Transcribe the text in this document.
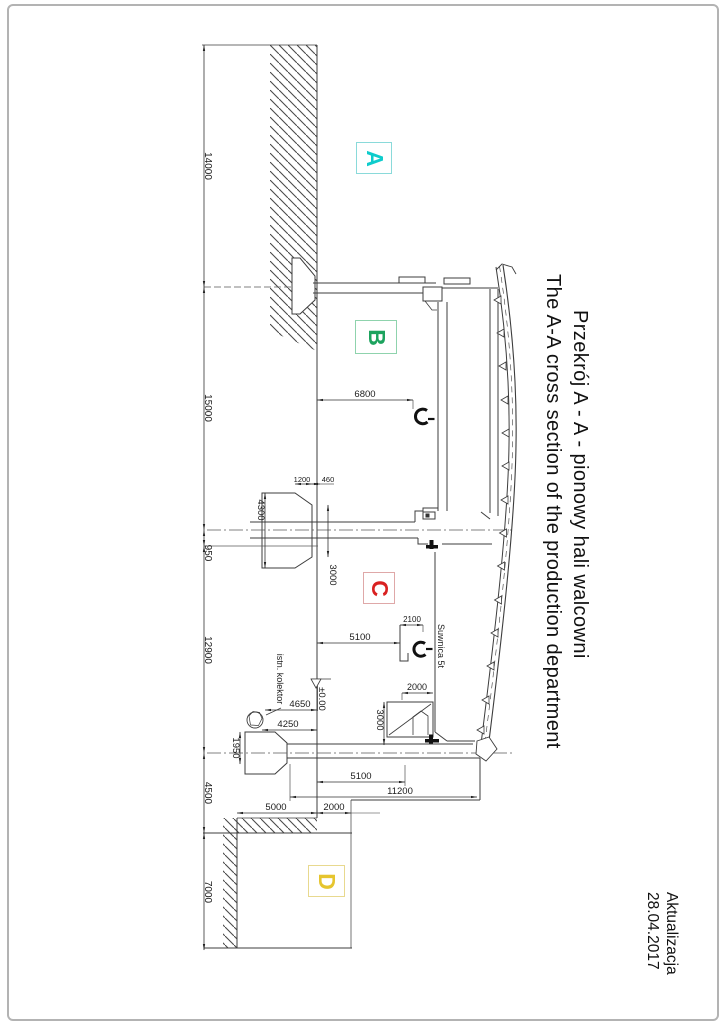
14000
15000
950
12900
4500
7000
6800
4300
1200 460
3000
5100
2100
2000
3000
4650
4250
1950
5100
11200
5000	2000
±0.00
Suwnica 5t
istn. kolektor
A
B
C
D
Przekrój A - A - pionowy hali walcowni
The A-A cross section of the production department
Aktualizacja
28.04.2017
